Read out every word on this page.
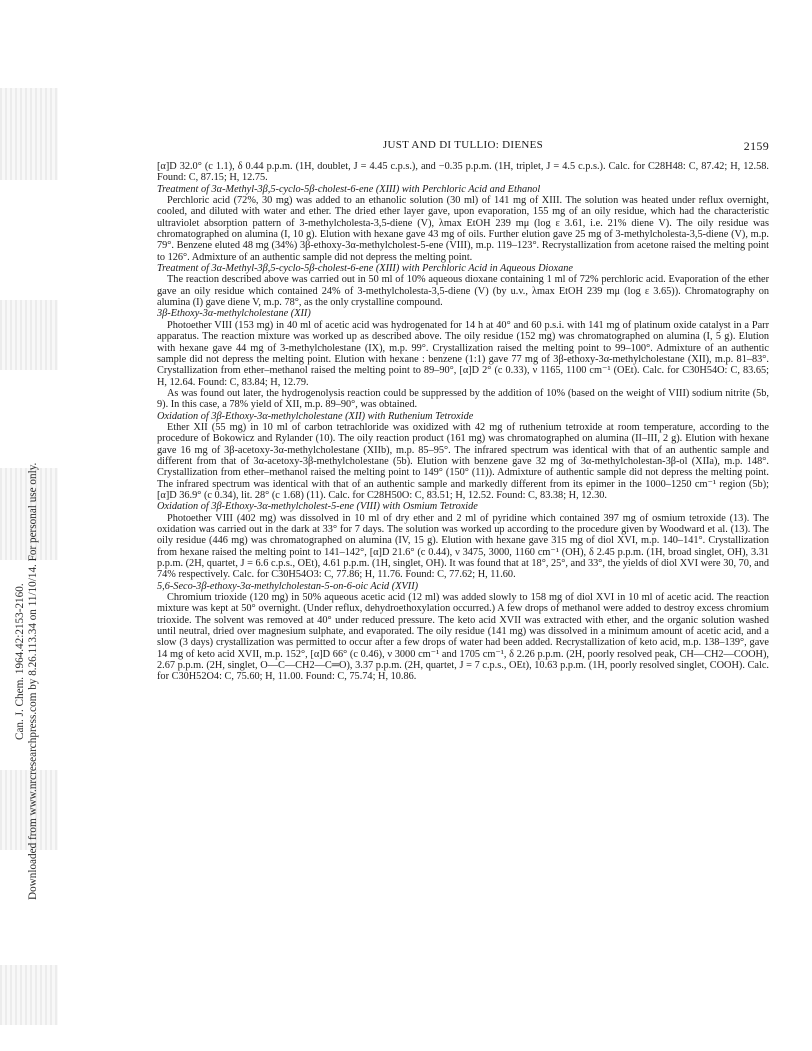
Can. J. Chem. 1964.42:2153-2160. Downloaded from www.nrcresearchpress.com by 8.26.113.34 on 11/10/14. For personal use only.
JUST AND DI TULLIO: DIENES	2159

[α]D 32.0° (c 1.1), δ 0.44 p.p.m. (1H, doublet, J = 4.45 c.p.s.), and −0.35 p.p.m. (1H, triplet, J = 4.5 c.p.s.). Calc. for C28H48: C, 87.42; H, 12.58. Found: C, 87.15; H, 12.75.

Treatment of 3α-Methyl-3β,5-cyclo-5β-cholest-6-ene (XIII) with Perchloric Acid and Ethanol

Perchloric acid (72%, 30 mg) was added to an ethanolic solution (30 ml) of 141 mg of XIII. The solution was heated under reflux overnight, cooled, and diluted with water and ether. The dried ether layer gave, upon evaporation, 155 mg of an oily residue, which had the characteristic ultraviolet absorption pattern of 3-methylcholesta-3,5-diene (V), λmax EtOH 239 mμ (log ε 3.61, i.e. 21% diene V). The oily residue was chromatographed on alumina (I, 10 g). Elution with hexane gave 43 mg of oils. Further elution gave 25 mg of 3-methylcholesta-3,5-diene (V), m.p. 79°. Benzene eluted 48 mg (34%) 3β-ethoxy-3α-methylcholest-5-ene (VIII), m.p. 119–123°. Recrystallization from acetone raised the melting point to 126°. Admixture of an authentic sample did not depress the melting point.

Treatment of 3α-Methyl-3β,5-cyclo-5β-cholest-6-ene (XIII) with Perchloric Acid in Aqueous Dioxane

The reaction described above was carried out in 50 ml of 10% aqueous dioxane containing 1 ml of 72% perchloric acid. Evaporation of the ether gave an oily residue which contained 24% of 3-methylcholesta-3,5-diene (V) (by u.v., λmax EtOH 239 mμ (log ε 3.65)). Chromatography on alumina (I) gave diene V, m.p. 78°, as the only crystalline compound.

3β-Ethoxy-3α-methylcholestane (XII)

Photoether VIII (153 mg) in 40 ml of acetic acid was hydrogenated for 14 h at 40° and 60 p.s.i. with 141 mg of platinum oxide catalyst in a Parr apparatus. The reaction mixture was worked up as described above. The oily residue (152 mg) was chromatographed on alumina (I, 5 g). Elution with hexane gave 44 mg of 3-methylcholestane (IX), m.p. 99°. Crystallization raised the melting point to 99–100°. Admixture of an authentic sample did not depress the melting point. Elution with hexane : benzene (1:1) gave 77 mg of 3β-ethoxy-3α-methylcholestane (XII), m.p. 81–83°. Crystallization from ether–methanol raised the melting point to 89–90°, [α]D 2° (c 0.33), ν 1165, 1100 cm⁻¹ (OEt). Calc. for C30H54O: C, 83.65; H, 12.64. Found: C, 83.84; H, 12.79.

As was found out later, the hydrogenolysis reaction could be suppressed by the addition of 10% (based on the weight of VIII) sodium nitrite (5b, 9). In this case, a 78% yield of XII, m.p. 89–90°, was obtained.

Oxidation of 3β-Ethoxy-3α-methylcholestane (XII) with Ruthenium Tetroxide

Ether XII (55 mg) in 10 ml of carbon tetrachloride was oxidized with 42 mg of ruthenium tetroxide at room temperature, according to the procedure of Bokowicz and Rylander (10). The oily reaction product (161 mg) was chromatographed on alumina (II–III, 2 g). Elution with hexane gave 16 mg of 3β-acetoxy-3α-methylcholestane (XIIb), m.p. 85–95°. The infrared spectrum was identical with that of an authentic sample and different from that of 3α-acetoxy-3β-methylcholestane (5b). Elution with benzene gave 32 mg of 3α-methylcholestan-3β-ol (XIIa), m.p. 148°. Crystallization from ether–methanol raised the melting point to 149° (150° (11)). Admixture of authentic sample did not depress the melting point. The infrared spectrum was identical with that of an authentic sample and markedly different from its epimer in the 1000–1250 cm⁻¹ region (5b); [α]D 36.9° (c 0.34), lit. 28° (c 1.68) (11). Calc. for C28H50O: C, 83.51; H, 12.52. Found: C, 83.38; H, 12.30.

Oxidation of 3β-Ethoxy-3α-methylcholest-5-ene (VIII) with Osmium Tetroxide

Photoether VIII (402 mg) was dissolved in 10 ml of dry ether and 2 ml of pyridine which contained 397 mg of osmium tetroxide (13). The oxidation was carried out in the dark at 33° for 7 days. The solution was worked up according to the procedure given by Woodward et al. (13). The oily residue (446 mg) was chromatographed on alumina (IV, 15 g). Elution with hexane gave 315 mg of diol XVI, m.p. 140–141°. Crystallization from hexane raised the melting point to 141–142°, [α]D 21.6° (c 0.44), ν 3475, 3000, 1160 cm⁻¹ (OH), δ 2.45 p.p.m. (1H, broad singlet, OH), 3.31 p.p.m. (2H, quartet, J = 6.6 c.p.s., OEt), 4.61 p.p.m. (1H, singlet, OH). It was found that at 18°, 25°, and 33°, the yields of diol XVI were 30, 70, and 74% respectively. Calc. for C30H54O3: C, 77.86; H, 11.76. Found: C, 77.62; H, 11.60.

5,6-Seco-3β-ethoxy-3α-methylcholestan-5-on-6-oic Acid (XVII)

Chromium trioxide (120 mg) in 50% aqueous acetic acid (12 ml) was added slowly to 158 mg of diol XVI in 10 ml of acetic acid. The reaction mixture was kept at 50° overnight. (Under reflux, dehydroethoxylation occurred.) A few drops of methanol were added to destroy excess chromium trioxide. The solvent was removed at 40° under reduced pressure. The keto acid XVII was extracted with ether, and the organic solution washed until neutral, dried over magnesium sulphate, and evaporated. The oily residue (141 mg) was dissolved in a minimum amount of acetic acid, and a slow (3 days) crystallization was permitted to occur after a few drops of water had been added. Recrystallization of keto acid, m.p. 138–139°, gave 14 mg of keto acid XVII, m.p. 152°, [α]D 66° (c 0.46), ν 3000 cm⁻¹ and 1705 cm⁻¹, δ 2.26 p.p.m. (2H, poorly resolved peak, CH—CH2—COOH), 2.67 p.p.m. (2H, singlet, O—C—CH2—C═O), 3.37 p.p.m. (2H, quartet, J = 7 c.p.s., OEt), 10.63 p.p.m. (1H, poorly resolved singlet, COOH). Calc. for C30H52O4: C, 75.60; H, 11.00. Found: C, 75.74; H, 10.86.
